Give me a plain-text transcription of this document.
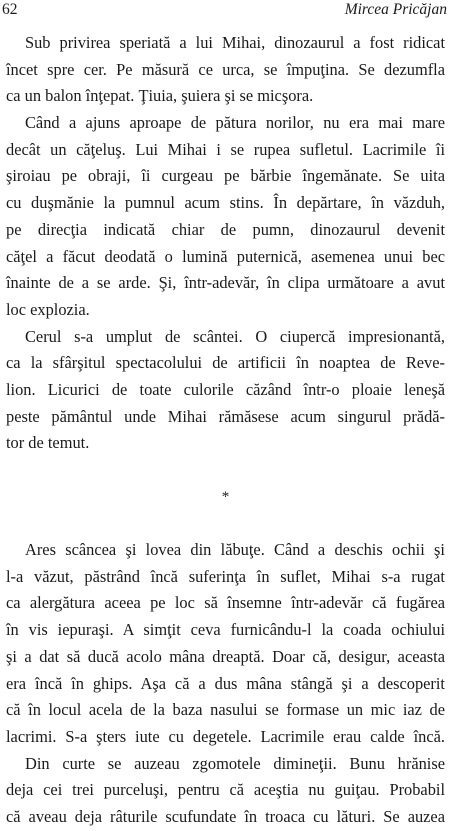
62	Mircea Pricăjan
Sub privirea speriată a lui Mihai, dinozaurul a fost ridicat
încet spre cer. Pe măsură ce urca, se împuţina. Se dezumfla
ca un balon înţepat. Ţiuia, şuiera şi se micşora.
Când a ajuns aproape de pătura norilor, nu era mai mare
decât un căţeluş. Lui Mihai i se rupea sufletul. Lacrimile îi
şiroiau pe obraji, îi curgeau pe bărbie îngemănate. Se uita
cu duşmănie la pumnul acum stins. În depărtare, în văzduh,
pe direcţia indicată chiar de pumn, dinozaurul devenit
căţel a făcut deodată o lumină puternică, asemenea unui bec
înainte de a se arde. Şi, într-adevăr, în clipa următoare a avut
loc explozia.
Cerul s-a umplut de scântei. O ciupercă impresionantă,
ca la sfârşitul spectacolului de artificii în noaptea de Reve-
lion. Licurici de toate culorile căzând într-o ploaie leneşă
peste pământul unde Mihai rămăsese acum singurul prădă-
tor de temut.
*
Ares scâncea şi lovea din lăbuţe. Când a deschis ochii şi
l-a văzut, păstrând încă suferinţa în suflet, Mihai s-a rugat
ca alergătura aceea pe loc să însemne într-adevăr că fugărea
în vis iepuraşi. A simţit ceva furnicându-l la coada ochiului
şi a dat să ducă acolo mâna dreaptă. Doar că, desigur, aceasta
era încă în ghips. Aşa că a dus mâna stângă şi a descoperit
că în locul acela de la baza nasului se formase un mic iaz de
lacrimi. S-a şters iute cu degetele. Lacrimile erau calde încă.
Din curte se auzeau zgomotele dimineţii. Bunu hrănise
deja cei trei purceluşi, pentru că aceştia nu guiţau. Probabil
că aveau deja râturile scufundate în troaca cu lături. Se auzea
